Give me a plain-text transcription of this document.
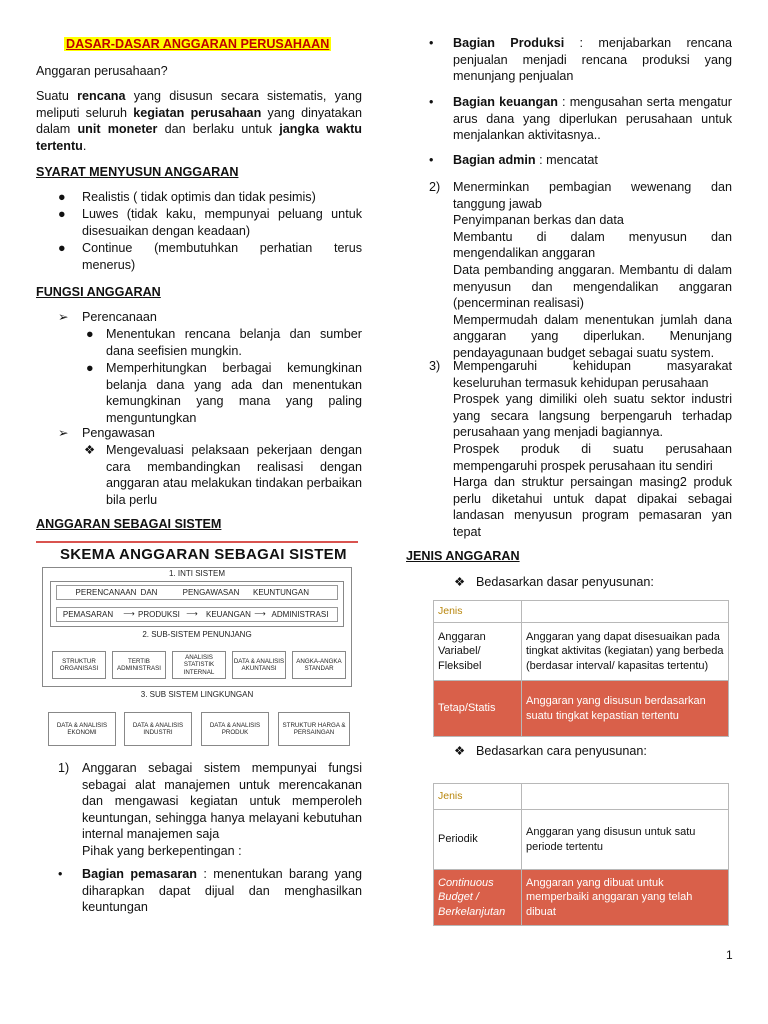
DASAR-DASAR ANGGARAN PERUSAHAAN
Anggaran perusahaan?
Suatu rencana yang disusun secara sistematis, yang meliputi seluruh kegiatan perusahaan yang dinyatakan dalam unit moneter dan berlaku untuk jangka waktu tertentu.
SYARAT MENYUSUN ANGGARAN
● Realistis ( tidak optimis dan tidak pesimis)
● Luwes (tidak kaku, mempunyai peluang untuk disesuaikan dengan keadaan)
● Continue (membutuhkan perhatian terus menerus)
FUNGSI ANGGARAN
➢ Perencanaan
● Menentukan rencana belanja dan sumber dana seefisien mungkin.
● Memperhitungkan berbagai kemungkinan belanja dana yang ada dan menentukan kemungkinan yang mana yang paling menguntungkan
➢ Pengawasan
❖ Mengevaluasi pelaksaan pekerjaan dengan cara membandingkan realisasi dengan anggaran atau melakukan tindakan perbaikan bila perlu
ANGGARAN SEBAGAI SISTEM
SKEMA ANGGARAN SEBAGAI SISTEM
1. INTI SISTEM
PERENCANAAN DAN	PENGAWASAN	KEUNTUNGAN
PEMASARAN	⟶ PRODUKSI ⟶	KEUANGAN ⟶ ADMINISTRASI
2. SUB-SISTEM PENUNJANG
STRUKTUR ORGANISASI
TERTIB ADMINISTRASI
ANALISIS STATISTIK INTERNAL
DATA & ANALISIS AKUNTANSI
ANGKA-ANGKA STANDAR
3. SUB SISTEM LINGKUNGAN
DATA & ANALISIS EKONOMI
DATA & ANALISIS INDUSTRI
DATA & ANALISIS PRODUK
STRUKTUR HARGA & PERSAINGAN
1) Anggaran sebagai sistem mempunyai fungsi sebagai alat manajemen untuk merencakanan dan mengawasi kegiatan untuk memperoleh keuntungan, sehingga hanya melayani kebutuhan internal manajemen saja
Pihak yang berkepentingan :
• Bagian pemasaran : menentukan barang yang diharapkan dapat dijual dan menghasilkan keuntungan
• Bagian Produksi : menjabarkan rencana penjualan menjadi rencana produksi yang menunjang penjualan
• Bagian keuangan : mengusahan serta mengatur arus dana yang diperlukan perusahaan untuk menjalankan aktivitasnya..
• Bagian admin : mencatat
2) Menerminkan pembagian wewenang dan tanggung jawab
Penyimpanan berkas dan data
Membantu di dalam menyusun dan mengendalikan anggaran
Data pembanding anggaran. Membantu di dalam menyusun dan mengendalikan anggaran (pencerminan realisasi)
Mempermudah dalam menentukan jumlah dana anggaran yang diperlukan. Menunjang pendayagunaan budget sebagai suatu system.
3) Mempengaruhi kehidupan masyarakat keseluruhan termasuk kehidupan perusahaan
Prospek yang dimiliki oleh suatu sektor industri yang secara langsung berpengaruh terhadap perusahaan yang menjadi bagiannya.
Prospek produk di suatu perusahaan mempengaruhi prospek perusahaan itu sendiri
Harga dan struktur persaingan masing2 produk perlu diketahui untuk dapat dipakai sebagai landasan menyusun program pemasaran yan tepat
JENIS ANGGARAN
❖ Bedasarkan dasar penyusunan:
Jenis	
Anggaran Variabel/ Fleksibel	Anggaran yang dapat disesuaikan pada tingkat aktivitas (kegiatan) yang berbeda (berdasar interval/ kapasitas tertentu)
Tetap/Statis	Anggaran yang disusun berdasarkan suatu tingkat kepastian tertentu
❖ Bedasarkan cara penyusunan:
Jenis	
Periodik	Anggaran yang disusun untuk satu periode tertentu
Continuous Budget / Berkelanjutan	Anggaran yang dibuat untuk memperbaiki anggaran yang telah dibuat
1
